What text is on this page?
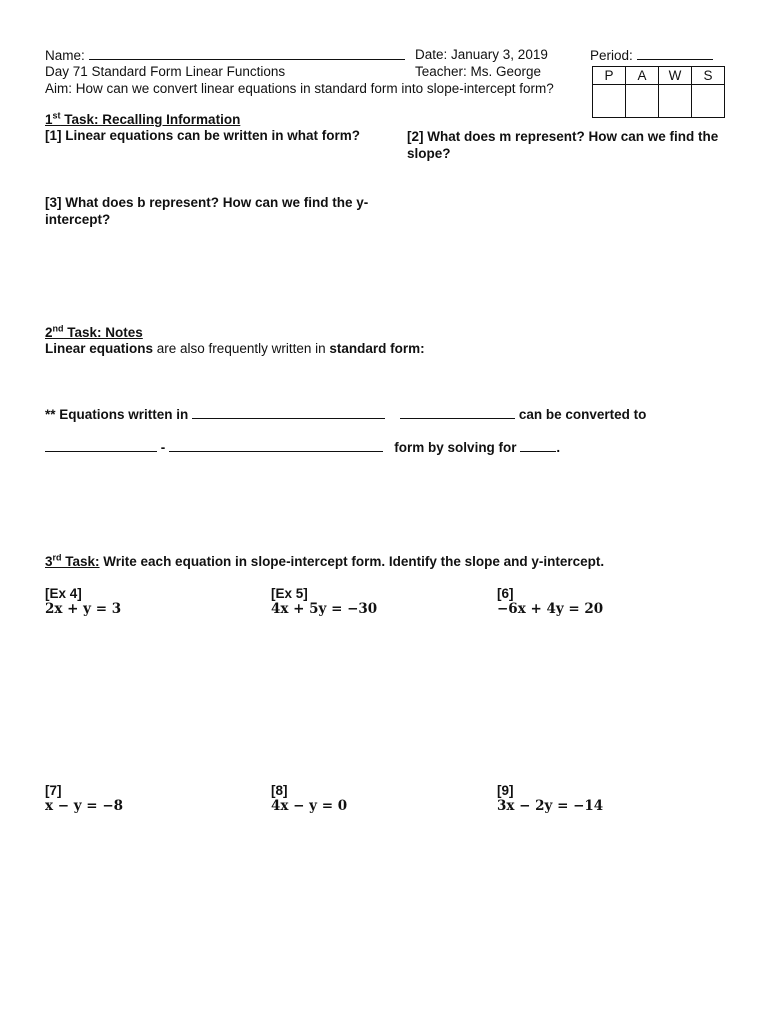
Name:	Date: January 3, 2019	Period:
Day 71 Standard Form Linear Functions	Teacher: Ms. George
Aim: How can we convert linear equations in standard form into slope-intercept form?
P	A	W	S

1st Task: Recalling Information
[1] Linear equations can be written in what form?	[2] What does m represent? How can we find the slope?
[3] What does b represent? How can we find the y-intercept?
2nd Task: Notes
Linear equations are also frequently written in standard form:
** Equations written in	can be converted to
-	form by solving for	.
3rd Task: Write each equation in slope-intercept form. Identify the slope and y-intercept.
[Ex 4]
2x + y = 3
[Ex 5]
4x + 5y = −30
[6]
−6x + 4y = 20
[7]
x − y = −8
[8]
4x − y = 0
[9]
3x − 2y = −14
